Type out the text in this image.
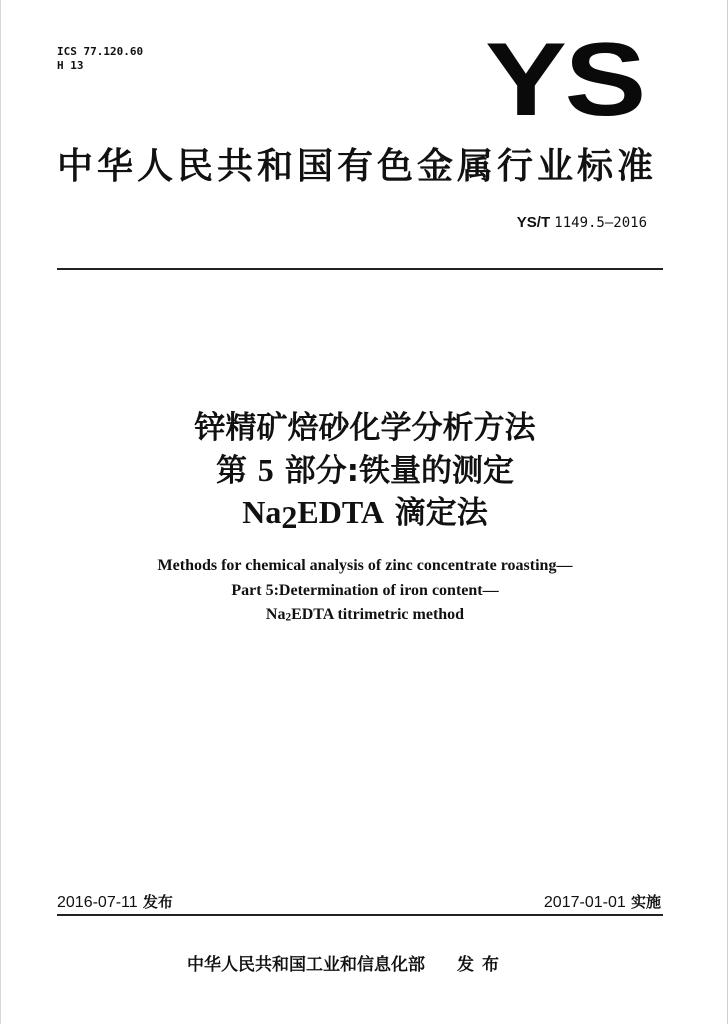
ICS 77.120.60
H 13	YS
中华人民共和国有色金属行业标准
YS/T 1149.5—2016
锌精矿焙砂化学分析方法
第 5 部分:铁量的测定
Na2EDTA 滴定法
Methods for chemical analysis of zinc concentrate roasting—
Part 5:Determination of iron content—
Na2EDTA titrimetric method
2016-07-11 发布	2017-01-01 实施
中华人民共和国工业和信息化部 发布
